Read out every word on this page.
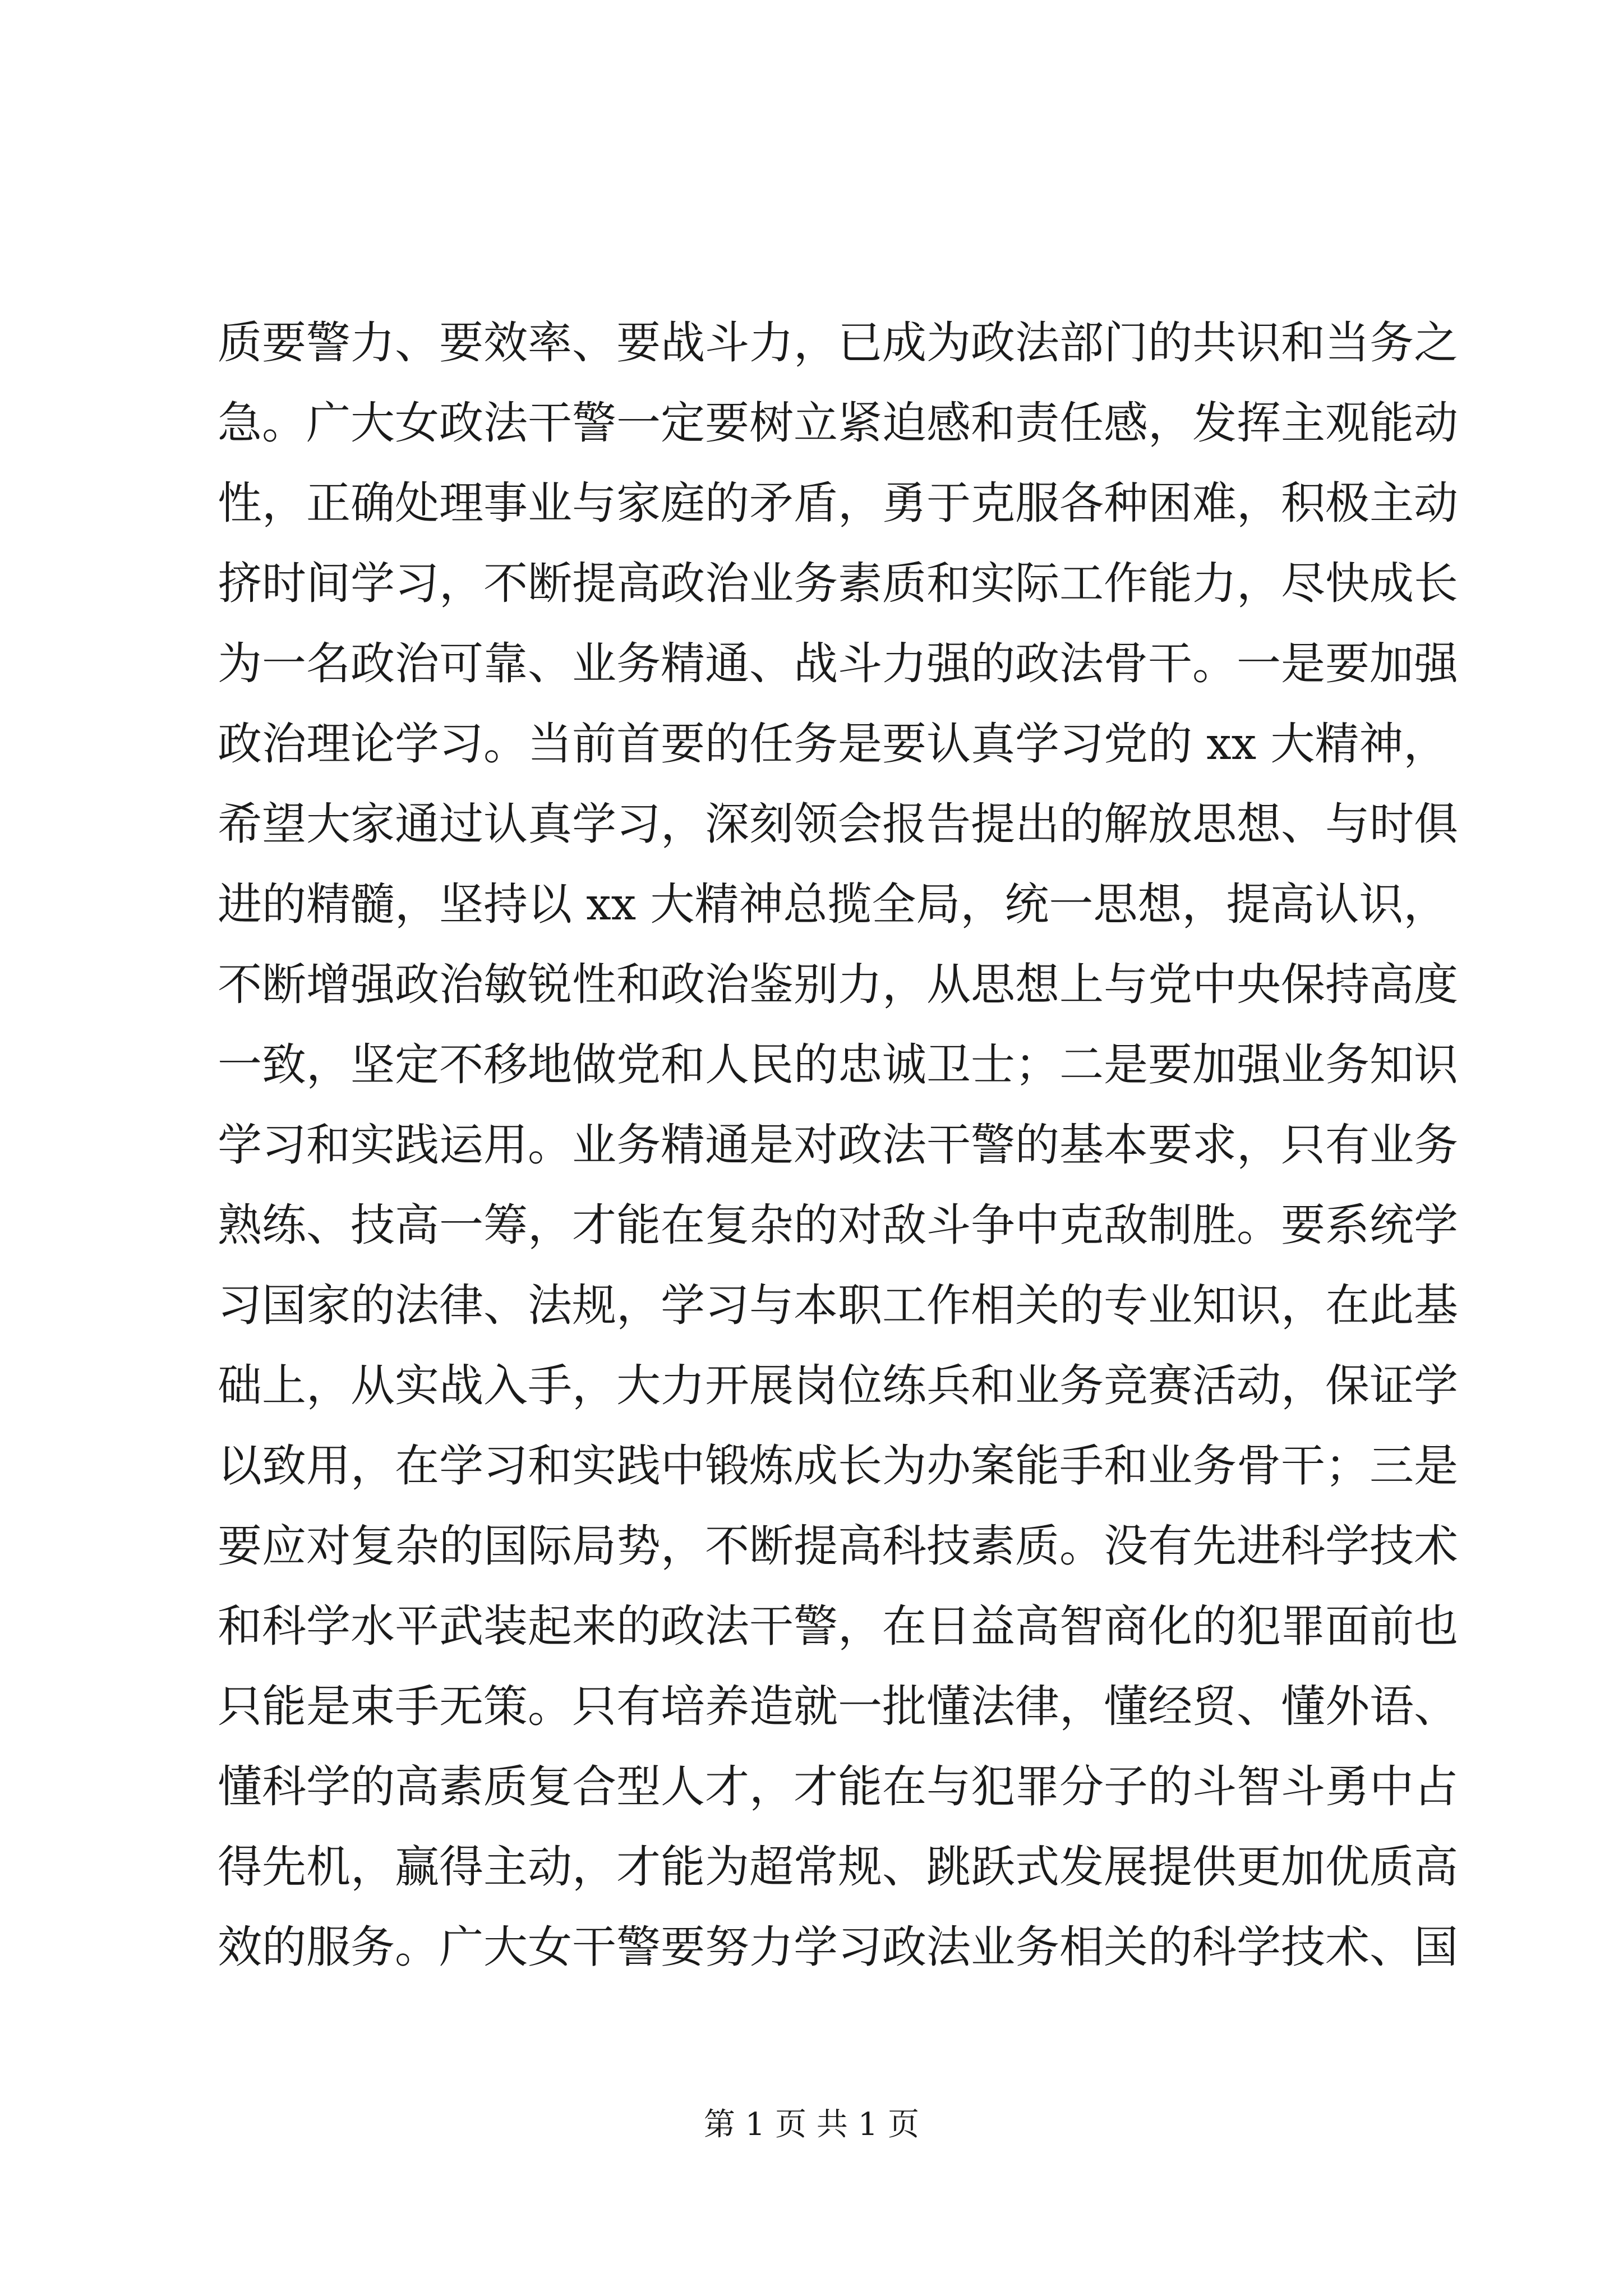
质要警力、要效率、要战斗力，已成为政法部门的共识和当务之
急。广大女政法干警一定要树立紧迫感和责任感，发挥主观能动
性，正确处理事业与家庭的矛盾，勇于克服各种困难，积极主动
挤时间学习，不断提高政治业务素质和实际工作能力，尽快成长
为一名政治可靠、业务精通、战斗力强的政法骨干。一是要加强
政治理论学习。当前首要的任务是要认真学习党的 xx 大精神，
希望大家通过认真学习，深刻领会报告提出的解放思想、与时俱
进的精髓，坚持以 xx 大精神总揽全局，统一思想，提高认识，
不断增强政治敏锐性和政治鉴别力，从思想上与党中央保持高度
一致，坚定不移地做党和人民的忠诚卫士；二是要加强业务知识
学习和实践运用。业务精通是对政法干警的基本要求，只有业务
熟练、技高一筹，才能在复杂的对敌斗争中克敌制胜。要系统学
习国家的法律、法规，学习与本职工作相关的专业知识，在此基
础上，从实战入手，大力开展岗位练兵和业务竞赛活动，保证学
以致用，在学习和实践中锻炼成长为办案能手和业务骨干；三是
要应对复杂的国际局势，不断提高科技素质。没有先进科学技术
和科学水平武装起来的政法干警，在日益高智商化的犯罪面前也
只能是束手无策。只有培养造就一批懂法律，懂经贸、懂外语、
懂科学的高素质复合型人才，才能在与犯罪分子的斗智斗勇中占
得先机，赢得主动，才能为超常规、跳跃式发展提供更加优质高
效的服务。广大女干警要努力学习政法业务相关的科学技术、国
第 1 页 共 1 页
